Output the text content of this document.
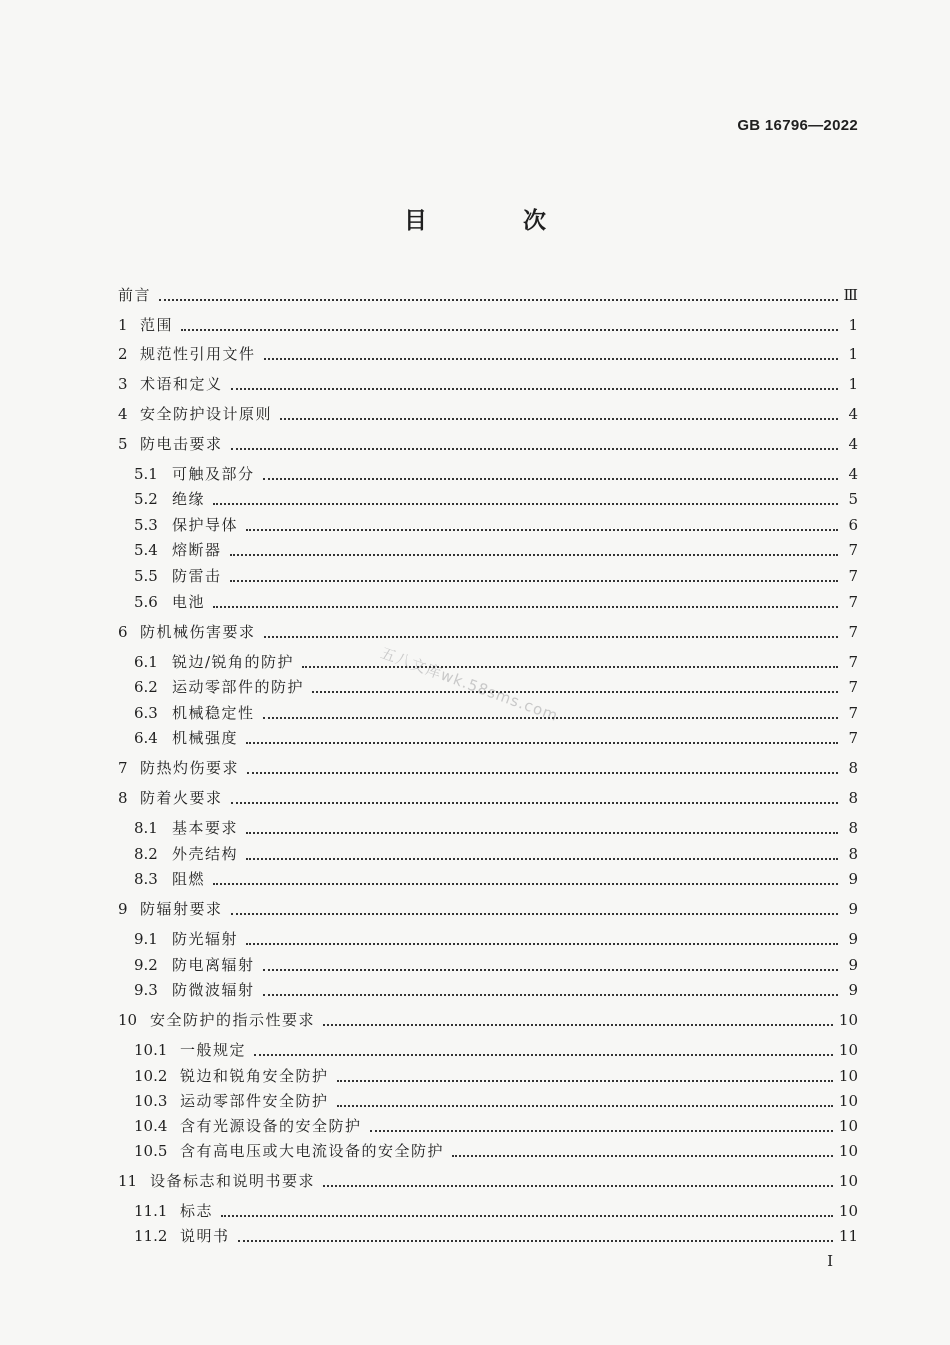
GB 16796—2022
目 次
五八文库wk.58sms.com
前言	Ⅲ
1 范围	1
2 规范性引用文件	1
3 术语和定义	1
4 安全防护设计原则	4
5 防电击要求	4
5.1 可触及部分	4
5.2 绝缘	5
5.3 保护导体	6
5.4 熔断器	7
5.5 防雷击	7
5.6 电池	7
6 防机械伤害要求	7
6.1 锐边/锐角的防护	7
6.2 运动零部件的防护	7
6.3 机械稳定性	7
6.4 机械强度	7
7 防热灼伤要求	8
8 防着火要求	8
8.1 基本要求	8
8.2 外壳结构	8
8.3 阻燃	9
9 防辐射要求	9
9.1 防光辐射	9
9.2 防电离辐射	9
9.3 防微波辐射	9
10 安全防护的指示性要求	10
10.1 一般规定	10
10.2 锐边和锐角安全防护	10
10.3 运动零部件安全防护	10
10.4 含有光源设备的安全防护	10
10.5 含有高电压或大电流设备的安全防护	10
11 设备标志和说明书要求	10
11.1 标志	10
11.2 说明书	11
I
